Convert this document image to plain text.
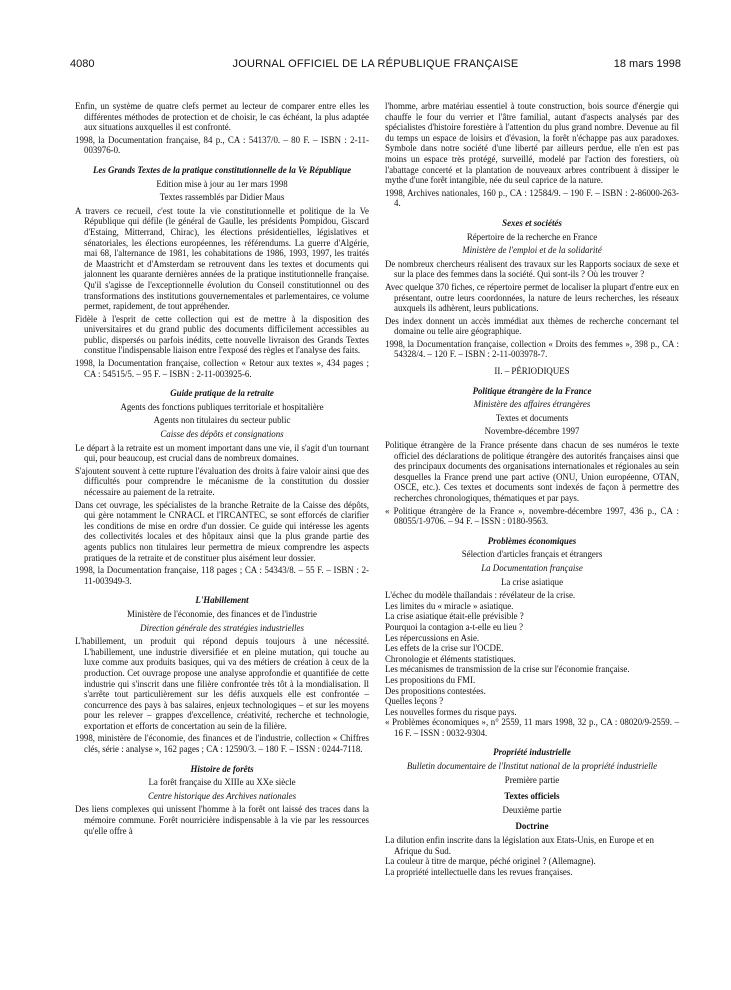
4080	JOURNAL OFFICIEL DE LA RÉPUBLIQUE FRANÇAISE	18 mars 1998

Enfin, un système de quatre clefs permet au lecteur de comparer entre elles les différentes méthodes de protection et de choisir, le cas échéant, la plus adaptée aux situations auxquelles il est confronté.

1998, la Documentation française, 84 p., CA : 54137/0. – 80 F. – ISBN : 2-11-003976-0.

Les Grands Textes de la pratique constitutionnelle de la Ve République
Edition mise à jour au 1er mars 1998
Textes rassemblés par Didier Maus

A travers ce recueil, c'est toute la vie constitutionnelle et politique de la Ve République qui défile (le général de Gaulle, les présidents Pompidou, Giscard d'Estaing, Mitterrand, Chirac), les élections présidentielles, législatives et sénatoriales, les élections européennes, les référendums. La guerre d'Algérie, mai 68, l'alternance de 1981, les cohabitations de 1986, 1993, 1997, les traités de Maastricht et d'Amsterdam se retrouvent dans les textes et documents qui jalonnent les quarante dernières années de la pratique institutionnelle française. Qu'il s'agisse de l'exceptionnelle évolution du Conseil constitutionnel ou des transformations des institutions gouvernementales et parlementaires, ce volume permet, rapidement, de tout appréhender.

Fidèle à l'esprit de cette collection qui est de mettre à la disposition des universitaires et du grand public des documents difficilement accessibles au public, dispersés ou parfois inédits, cette nouvelle livraison des Grands Textes constitue l'indispensable liaison entre l'exposé des règles et l'analyse des faits.

1998, la Documentation française, collection « Retour aux textes », 434 pages ; CA : 54515/5. – 95 F. – ISBN : 2-11-003925-6.

Guide pratique de la retraite
Agents des fonctions publiques territoriale et hospitalière
Agents non titulaires du secteur public
Caisse des dépôts et consignations

Le départ à la retraite est un moment important dans une vie, il s'agit d'un tournant qui, pour beaucoup, est crucial dans de nombreux domaines.

S'ajoutent souvent à cette rupture l'évaluation des droits à faire valoir ainsi que des difficultés pour comprendre le mécanisme de la constitution du dossier nécessaire au paiement de la retraite.

Dans cet ouvrage, les spécialistes de la branche Retraite de la Caisse des dépôts, qui gère notamment le CNRACL et l'IRCANTEC, se sont efforcés de clarifier les conditions de mise en ordre d'un dossier. Ce guide qui intéresse les agents des collectivités locales et des hôpitaux ainsi que la plus grande partie des agents publics non titulaires leur permettra de mieux comprendre les aspects pratiques de la retraite et de constituer plus aisément leur dossier.

1998, la Documentation française, 118 pages ; CA : 54343/8. – 55 F. – ISBN : 2-11-003949-3.

L'Habillement
Ministère de l'économie, des finances et de l'industrie
Direction générale des stratégies industrielles

L'habillement, un produit qui répond depuis toujours à une nécessité. L'habillement, une industrie diversifiée et en pleine mutation, qui touche au luxe comme aux produits basiques, qui va des métiers de création à ceux de la production. Cet ouvrage propose une analyse approfondie et quantifiée de cette industrie qui s'inscrit dans une filière confrontée très tôt à la mondialisation. Il s'arrête tout particulièrement sur les défis auxquels elle est confrontée – concurrence des pays à bas salaires, enjeux technologiques – et sur les moyens pour les relever – grappes d'excellence, créativité, recherche et technologie, exportation et efforts de concertation au sein de la filière.

1998, ministère de l'économie, des finances et de l'industrie, collection « Chiffres clés, série : analyse », 162 pages ; CA : 12590/3. – 180 F. – ISSN : 0244-7118.

Histoire de forêts
La forêt française du XIIIe au XXe siècle
Centre historique des Archives nationales

Des liens complexes qui unissent l'homme à la forêt ont laissé des traces dans la mémoire commune. Forêt nourricière indispensable à la vie par les ressources qu'elle offre à

l'homme, arbre matériau essentiel à toute construction, bois source d'énergie qui chauffe le four du verrier et l'âtre familial, autant d'aspects analysés par des spécialistes d'histoire forestière à l'attention du plus grand nombre. Devenue au fil du temps un espace de loisirs et d'évasion, la forêt n'échappe pas aux paradoxes. Symbole dans notre société d'une liberté par ailleurs perdue, elle n'en est pas moins un espace très protégé, surveillé, modelé par l'action des forestiers, où l'abattage concerté et la plantation de nouveaux arbres contribuent à dissiper le mythe d'une forêt intangible, née du seul caprice de la nature.

1998, Archives nationales, 160 p., CA : 12584/9. – 190 F. – ISBN : 2-86000-263-4.

Sexes et sociétés
Répertoire de la recherche en France
Ministère de l'emploi et de la solidarité

De nombreux chercheurs réalisent des travaux sur les Rapports sociaux de sexe et sur la place des femmes dans la société. Qui sont-ils ? Où les trouver ?

Avec quelque 370 fiches, ce répertoire permet de localiser la plupart d'entre eux en présentant, outre leurs coordonnées, la nature de leurs recherches, les réseaux auxquels ils adhèrent, leurs publications.

Des index donnent un accès immédiat aux thèmes de recherche concernant tel domaine ou telle aire géographique.

1998, la Documentation française, collection « Droits des femmes », 398 p., CA : 54328/4. – 120 F. – ISBN : 2-11-003978-7.

II. – PÉRIODIQUES
Politique étrangère de la France
Ministère des affaires étrangères
Textes et documents
Novembre-décembre 1997

Politique étrangère de la France présente dans chacun de ses numéros le texte officiel des déclarations de politique étrangère des autorités françaises ainsi que des principaux documents des organisations internationales et régionales au sein desquelles la France prend une part active (ONU, Union européenne, OTAN, OSCE, etc.). Ces textes et documents sont indexés de façon à permettre des recherches chronologiques, thématiques et par pays.

« Politique étrangère de la France », novembre-décembre 1997, 436 p., CA : 08055/1-9706. – 94 F. – ISSN : 0180-9563.

Problèmes économiques
Sélection d'articles français et étrangers
La Documentation française
La crise asiatique

L'échec du modèle thaïlandais : révélateur de la crise.

Les limites du « miracle » asiatique.

La crise asiatique était-elle prévisible ?

Pourquoi la contagion a-t-elle eu lieu ?

Les répercussions en Asie.

Les effets de la crise sur l'OCDE.

Chronologie et éléments statistiques.

Les mécanismes de transmission de la crise sur l'économie française.

Les propositions du FMI.

Des propositions contestées.

Quelles leçons ?

Les nouvelles formes du risque pays.

« Problèmes économiques », n° 2559, 11 mars 1998, 32 p., CA : 08020/9-2559. – 16 F. – ISSN : 0032-9304.

Propriété industrielle
Bulletin documentaire de l'Institut national de la propriété industrielle
Première partie
Textes officiels
Deuxième partie
Doctrine

La dilution enfin inscrite dans la législation aux Etats-Unis, en Europe et en Afrique du Sud.

La couleur à titre de marque, péché originel ? (Allemagne).

La propriété intellectuelle dans les revues françaises.
